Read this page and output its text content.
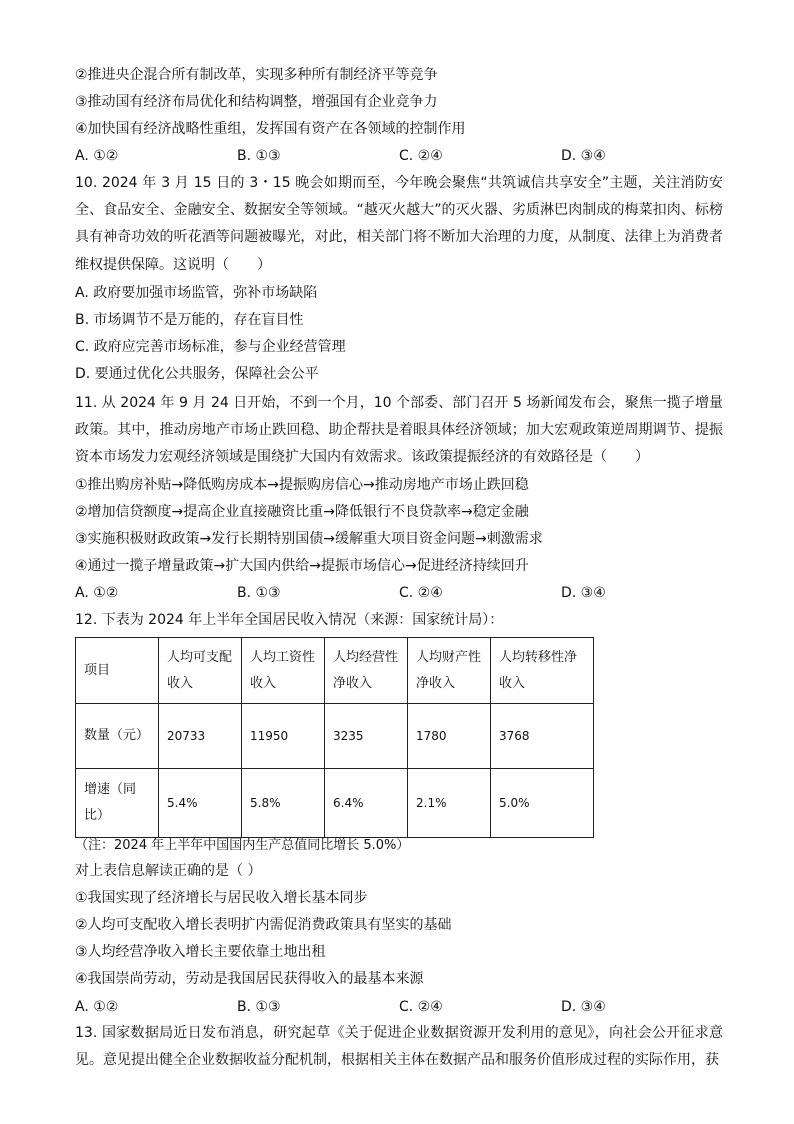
②推进央企混合所有制改革，实现多种所有制经济平等竞争
③推动国有经济布局优化和结构调整，增强国有企业竞争力
④加快国有经济战略性重组，发挥国有资产在各领域的控制作用
A. ①②	B. ①③	C. ②④	D. ③④
10. 2024 年 3 月 15 日的 3・15 晚会如期而至，今年晚会聚焦“共筑诚信共享安全”主题，关注消防安全、食品安全、金融安全、数据安全等领域。“越灭火越大”的灭火器、劣质淋巴肉制成的梅菜扣肉、标榜具有神奇功效的听花酒等问题被曝光，对此，相关部门将不断加大治理的力度，从制度、法律上为消费者维权提供保障。这说明（　　）
A. 政府要加强市场监管，弥补市场缺陷
B. 市场调节不是万能的，存在盲目性
C. 政府应完善市场标准，参与企业经营管理
D. 要通过优化公共服务，保障社会公平
11. 从 2024 年 9 月 24 日开始，不到一个月，10 个部委、部门召开 5 场新闻发布会，聚焦一揽子增量政策。其中，推动房地产市场止跌回稳、助企帮扶是着眼具体经济领域；加大宏观政策逆周期调节、提振资本市场发力宏观经济领域是围绕扩大国内有效需求。该政策提振经济的有效路径是（　　）
①推出购房补贴→降低购房成本→提振购房信心→推动房地产市场止跌回稳
②增加信贷额度→提高企业直接融资比重→降低银行不良贷款率→稳定金融
③实施积极财政政策→发行长期特别国债→缓解重大项目资金问题→刺激需求
④通过一揽子增量政策→扩大国内供给→提振市场信心→促进经济持续回升
A. ①②	B. ①③	C. ②④	D. ③④
12. 下表为 2024 年上半年全国居民收入情况（来源：国家统计局）：
项目	人均可支配收入	人均工资性收入	人均经营性净收入	人均财产性净收入	人均转移性净收入
数量（元）	20733	11950	3235	1780	3768
增速（同比）	5.4%	5.8%	6.4%	2.1%	5.0%
（注：2024 年上半年中国国内生产总值同比增长 5.0%）
对上表信息解读正确的是（ ）
①我国实现了经济增长与居民收入增长基本同步
②人均可支配收入增长表明扩内需促消费政策具有坚实的基础
③人均经营净收入增长主要依靠土地出租
④我国崇尚劳动，劳动是我国居民获得收入的最基本来源
A. ①②	B. ①③	C. ②④	D. ③④
13. 国家数据局近日发布消息，研究起草《关于促进企业数据资源开发利用的意见》，向社会公开征求意见。意见提出健全企业数据收益分配机制，根据相关主体在数据产品和服务价值形成过程的实际作用，获
